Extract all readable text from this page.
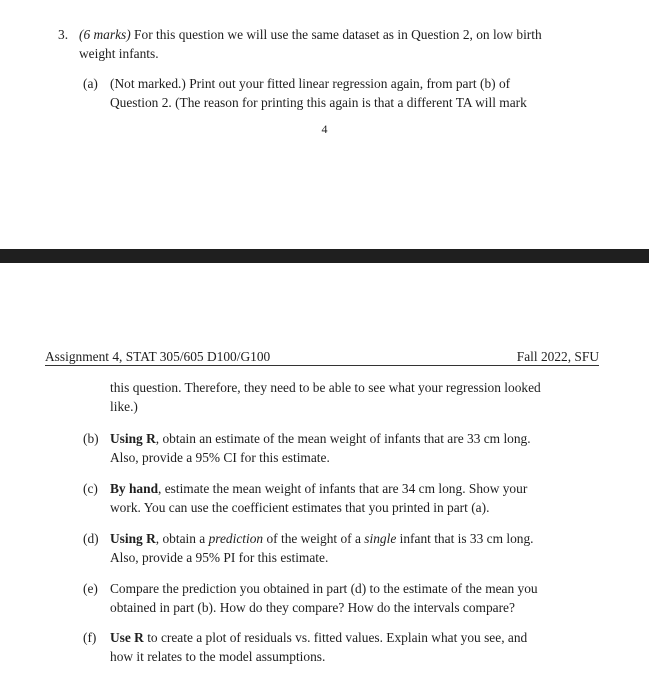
3. (6 marks) For this question we will use the same dataset as in Question 2, on low birth
weight infants.
(a) (Not marked.) Print out your fitted linear regression again, from part (b) of
Question 2. (The reason for printing this again is that a different TA will mark
4
Assignment 4, STAT 305/605 D100/G100	Fall 2022, SFU
this question. Therefore, they need to be able to see what your regression looked
like.)
(b) Using R, obtain an estimate of the mean weight of infants that are 33 cm long.
Also, provide a 95% CI for this estimate.
(c) By hand, estimate the mean weight of infants that are 34 cm long. Show your
work. You can use the coefficient estimates that you printed in part (a).
(d) Using R, obtain a prediction of the weight of a single infant that is 33 cm long.
Also, provide a 95% PI for this estimate.
(e) Compare the prediction you obtained in part (d) to the estimate of the mean you
obtained in part (b). How do they compare? How do the intervals compare?
(f) Use R to create a plot of residuals vs. fitted values. Explain what you see, and
how it relates to the model assumptions.
